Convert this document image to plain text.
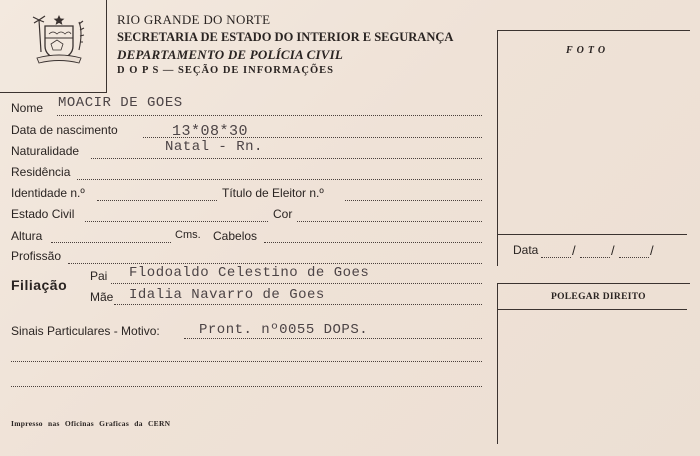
RIO GRANDE DO NORTE
SECRETARIA DE ESTADO DO INTERIOR E SEGURANÇA
DEPARTAMENTO DE POLÍCIA CIVIL
D O P S — SEÇÃO DE INFORMAÇÕES
Nome MOACIR DE GOES
Data de nascimento	13*08*30
Naturalidade	Natal - Rn.
Residência
Identidade n.º	Título de Eleitor n.º
Estado Civil	Cor
Altura	Cms. Cabelos
Profissão
Filiação
Pai Flodoaldo Celestino de Goes
Mãe Idalia Navarro de Goes
Sinais Particulares - Motivo:	Pront. nº0055 DOPS.
FOTO
Data	/	/	/
POLEGAR DIREITO
Impresso nas Oficinas Graficas da CERN
